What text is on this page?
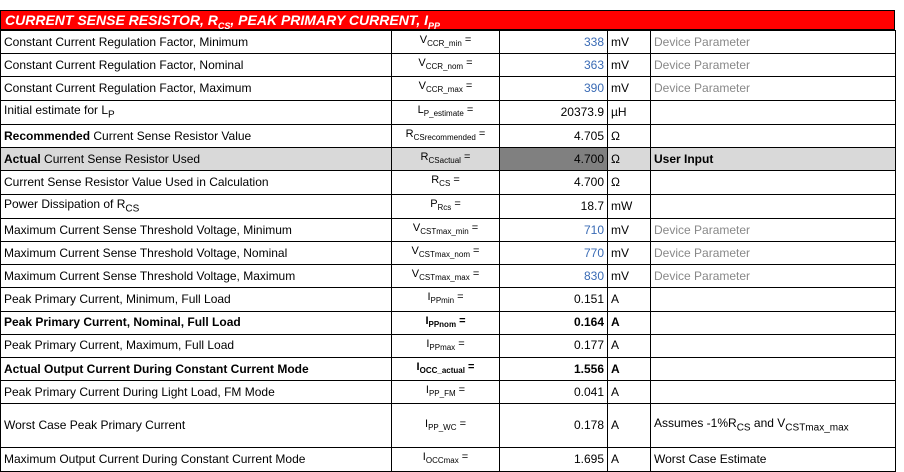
CURRENT SENSE RESISTOR, $R_{CS}$, PEAK PRIMARY CURRENT, $I_{PP}$
Constant Current Regulation Factor, Minimum	$V_{CCR\_min}$ =	338	mV	Device Parameter
Constant Current Regulation Factor, Nominal	$V_{CCR\_nom}$ =	363	mV	Device Parameter
Constant Current Regulation Factor, Maximum	$V_{CCR\_max}$ =	390	mV	Device Parameter
Initial estimate for $L_P$	$L_{P\_estimate}$ =	20373.9	µH	
Recommended Current Sense Resistor Value	$R_{CSrecommended}$ =	4.705	Ω	
Actual Current Sense Resistor Used	$R_{CSactual}$ =	4.700	Ω	User Input
Current Sense Resistor Value Used in Calculation	$R_{CS}$ =	4.700	Ω	
Power Dissipation of $R_{CS}$	$P_{Rcs}$ =	18.7	mW	
Maximum Current Sense Threshold Voltage, Minimum	$V_{CSTmax\_min}$ =	710	mV	Device Parameter
Maximum Current Sense Threshold Voltage, Nominal	$V_{CSTmax\_nom}$ =	770	mV	Device Parameter
Maximum Current Sense Threshold Voltage, Maximum	$V_{CSTmax\_max}$ =	830	mV	Device Parameter
Peak Primary Current, Minimum, Full Load	$I_{PPmin}$ =	0.151	A	
Peak Primary Current, Nominal, Full Load	$I_{PPnom}$ =	0.164	A	
Peak Primary Current, Maximum, Full Load	$I_{PPmax}$ =	0.177	A	
Actual Output Current During Constant Current Mode	$I_{OCC\_actual}$ =	1.556	A	
Peak Primary Current During Light Load, FM Mode	$I_{PP\_FM}$ =	0.041	A	
Worst Case Peak Primary Current	$I_{PP\_WC}$ =	0.178	A	Assumes $-1\%R_{CS}$ and $V_{CSTmax\_max}$
Maximum Output Current During Constant Current Mode	$I_{OCCmax}$ =	1.695	A	Worst Case Estimate
